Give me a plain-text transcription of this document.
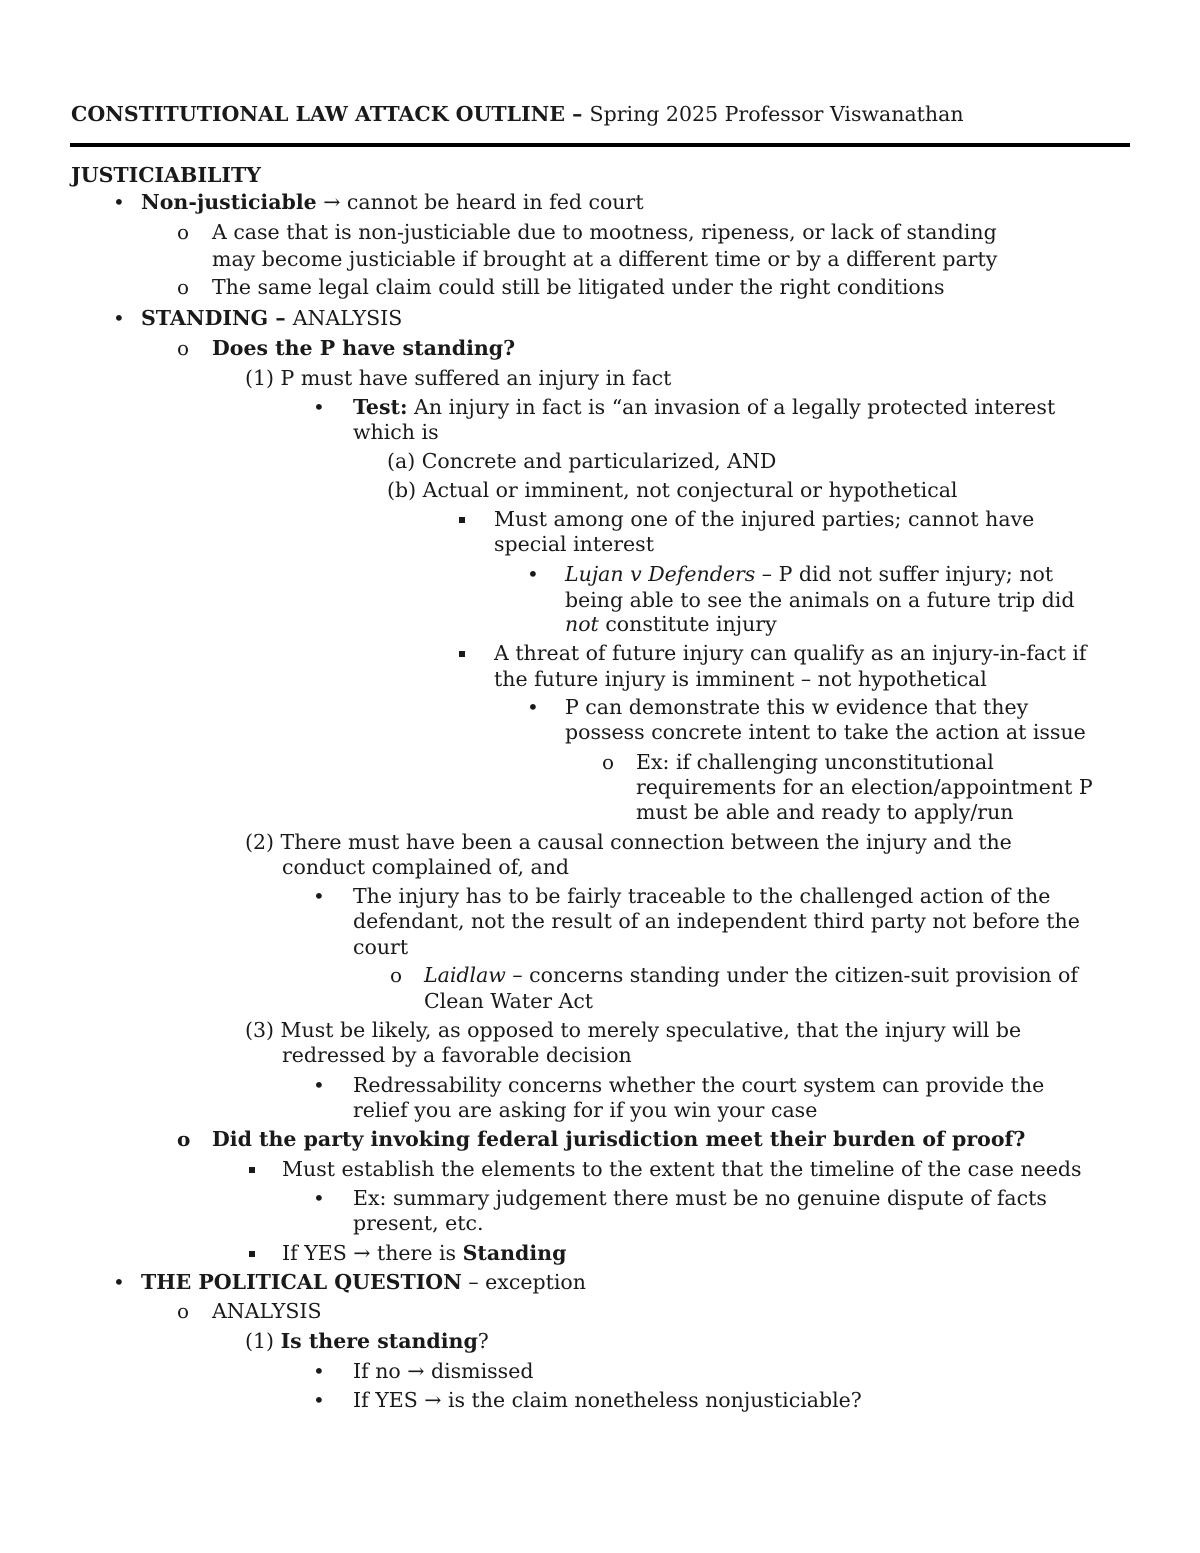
CONSTITUTIONAL LAW ATTACK OUTLINE – Spring 2025 Professor Viswanathan
JUSTICIABILITY
• Non-justiciable → cannot be heard in fed court
o A case that is non-justiciable due to mootness, ripeness, or lack of standing
may become justiciable if brought at a different time or by a different party
o The same legal claim could still be litigated under the right conditions
• STANDING – ANALYSIS
o Does the P have standing?
(1) P must have suffered an injury in fact
• Test: An injury in fact is “an invasion of a legally protected interest
which is
(a) Concrete and particularized, AND
(b) Actual or imminent, not conjectural or hypothetical
Must among one of the injured parties; cannot have
special interest
• Lujan v Defenders – P did not suffer injury; not
being able to see the animals on a future trip did
not constitute injury
A threat of future injury can qualify as an injury-in-fact if
the future injury is imminent – not hypothetical
• P can demonstrate this w evidence that they
possess concrete intent to take the action at issue
o Ex: if challenging unconstitutional
requirements for an election/appointment P
must be able and ready to apply/run
(2) There must have been a causal connection between the injury and the
conduct complained of, and
• The injury has to be fairly traceable to the challenged action of the
defendant, not the result of an independent third party not before the
court
o Laidlaw – concerns standing under the citizen-suit provision of
Clean Water Act
(3) Must be likely, as opposed to merely speculative, that the injury will be
redressed by a favorable decision
• Redressability concerns whether the court system can provide the
relief you are asking for if you win your case
o Did the party invoking federal jurisdiction meet their burden of proof?
Must establish the elements to the extent that the timeline of the case needs
• Ex: summary judgement there must be no genuine dispute of facts
present, etc.
If YES → there is Standing
• THE POLITICAL QUESTION – exception
o ANALYSIS
(1) Is there standing?
• If no → dismissed
• If YES → is the claim nonetheless nonjusticiable?
